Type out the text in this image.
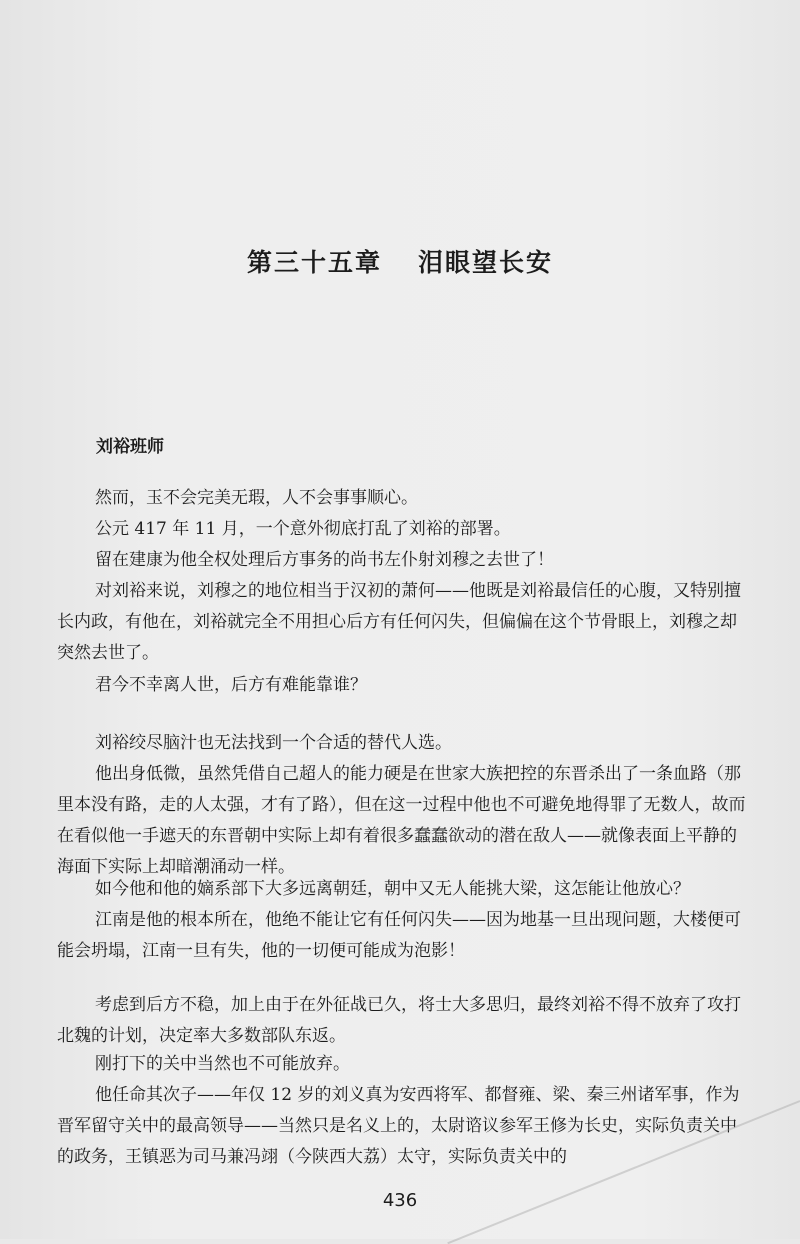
第三十五章 泪眼望长安
刘裕班师

然而，玉不会完美无瑕，人不会事事顺心。

公元 417 年 11 月，一个意外彻底打乱了刘裕的部署。

留在建康为他全权处理后方事务的尚书左仆射刘穆之去世了！

对刘裕来说，刘穆之的地位相当于汉初的萧何——他既是刘裕最信任的心腹，又特别擅长内政，有他在，刘裕就完全不用担心后方有任何闪失，但偏偏在这个节骨眼上，刘穆之却突然去世了。

君今不幸离人世，后方有难能靠谁？

刘裕绞尽脑汁也无法找到一个合适的替代人选。

他出身低微，虽然凭借自己超人的能力硬是在世家大族把控的东晋杀出了一条血路（那里本没有路，走的人太强，才有了路），但在这一过程中他也不可避免地得罪了无数人，故而在看似他一手遮天的东晋朝中实际上却有着很多蠢蠢欲动的潜在敌人——就像表面上平静的海面下实际上却暗潮涌动一样。

如今他和他的嫡系部下大多远离朝廷，朝中又无人能挑大梁，这怎能让他放心？

江南是他的根本所在，他绝不能让它有任何闪失——因为地基一旦出现问题，大楼便可能会坍塌，江南一旦有失，他的一切便可能成为泡影！

考虑到后方不稳，加上由于在外征战已久，将士大多思归，最终刘裕不得不放弃了攻打北魏的计划，决定率大多数部队东返。

刚打下的关中当然也不可能放弃。

他任命其次子——年仅 12 岁的刘义真为安西将军、都督雍、梁、秦三州诸军事，作为晋军留守关中的最高领导——当然只是名义上的，太尉谘议参军王修为长史，实际负责关中的政务，王镇恶为司马兼冯翊（今陕西大荔）太守，实际负责关中的

436
